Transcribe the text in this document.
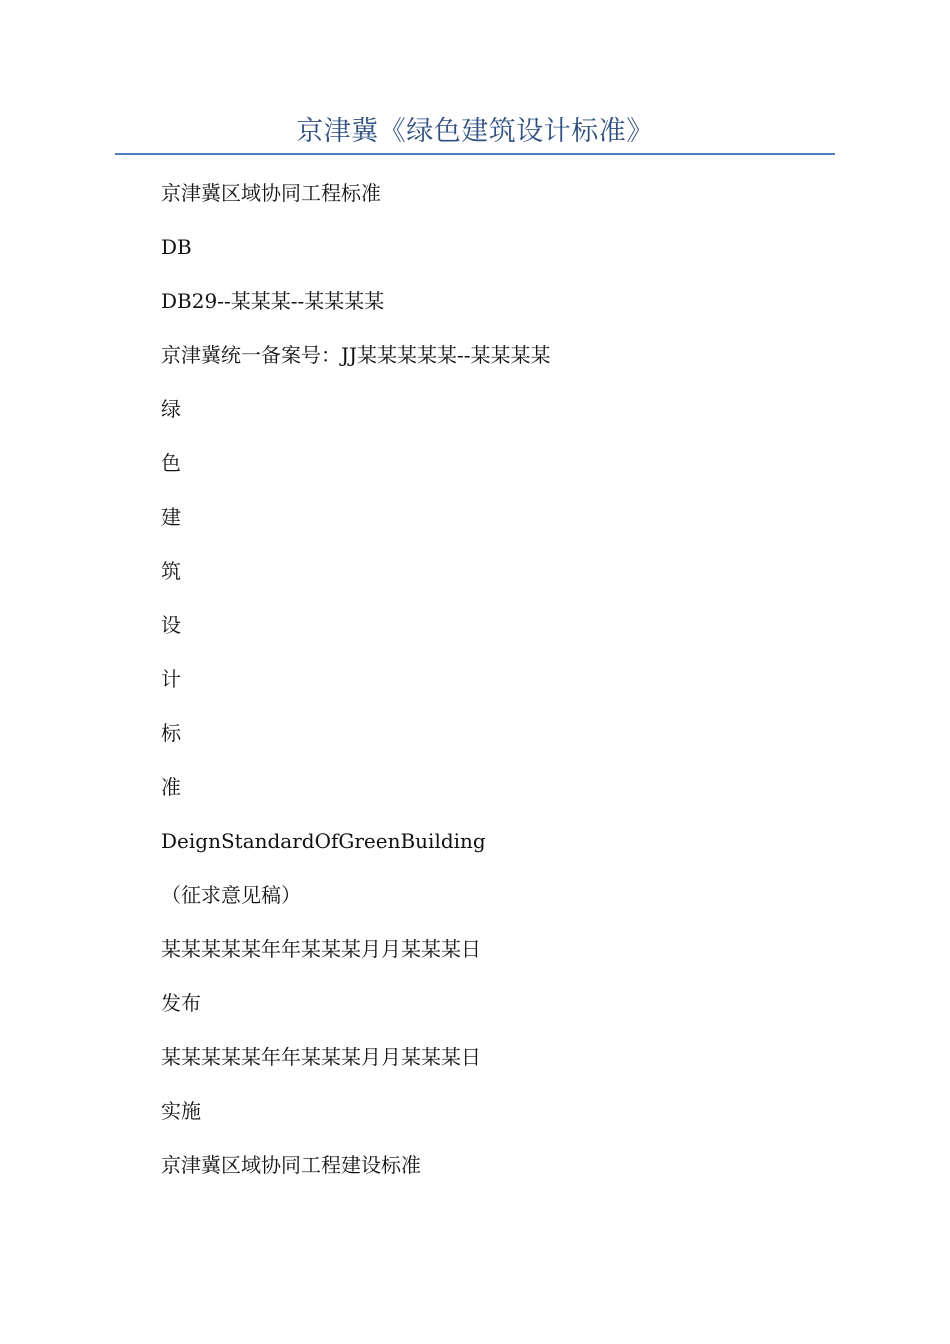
京津冀《绿色建筑设计标准》
京津冀区域协同工程标准
DB
DB29--某某某--某某某某
京津冀统一备案号：JJ某某某某某--某某某某
绿
色
建
筑
设
计
标
准
DeignStandardOfGreenBuilding
（征求意见稿）
某某某某某年年某某某月月某某某日
发布
某某某某某年年某某某月月某某某日
实施
京津冀区域协同工程建设标准
